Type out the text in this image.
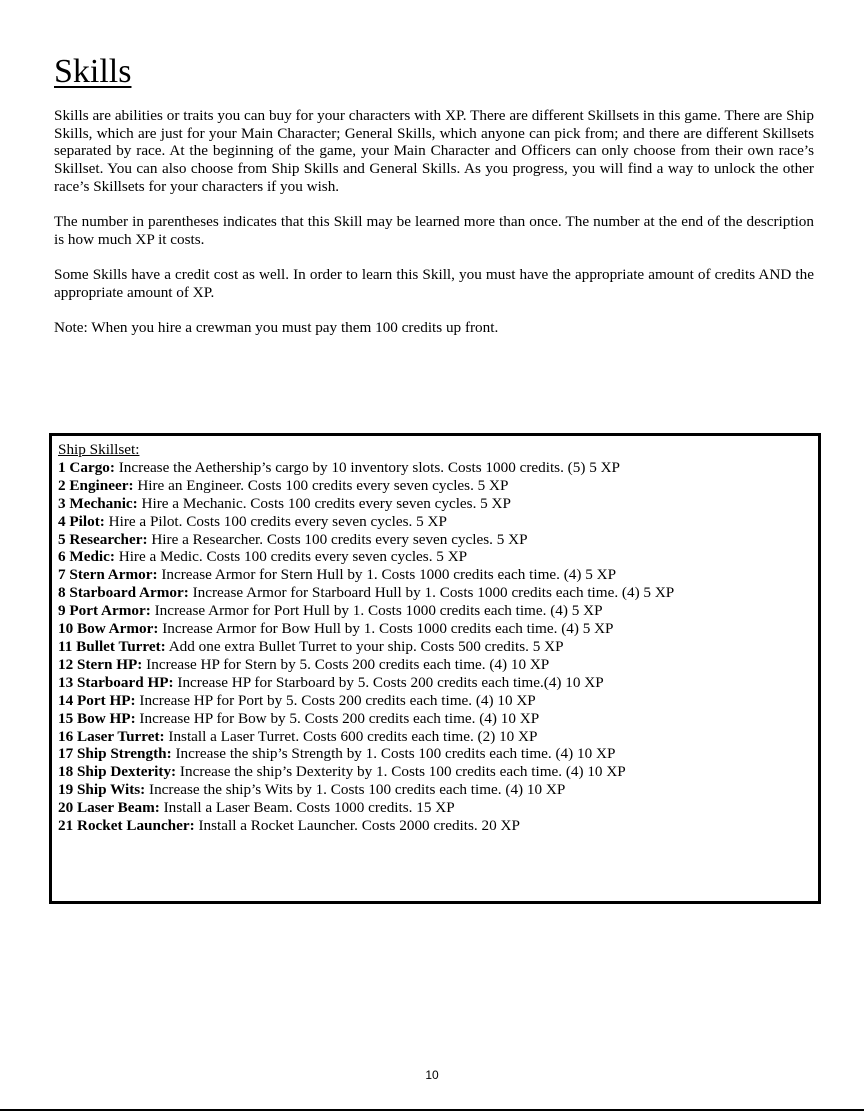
Skills

Skills are abilities or traits you can buy for your characters with XP. There are different Skillsets in this game. There are Ship Skills, which are just for your Main Character; General Skills, which anyone can pick from; and there are different Skillsets separated by race. At the beginning of the game, your Main Character and Officers can only choose from their own race’s Skillset. You can also choose from Ship Skills and General Skills. As you progress, you will find a way to unlock the other race’s Skillsets for your characters if you wish.

The number in parentheses indicates that this Skill may be learned more than once. The number at the end of the description is how much XP it costs.

Some Skills have a credit cost as well. In order to learn this Skill, you must have the appropriate amount of credits AND the appropriate amount of XP.

Note: When you hire a crewman you must pay them 100 credits up front.

Ship Skillset:
1 Cargo: Increase the Aethership’s cargo by 10 inventory slots. Costs 1000 credits. (5) 5 XP
2 Engineer: Hire an Engineer. Costs 100 credits every seven cycles. 5 XP
3 Mechanic: Hire a Mechanic. Costs 100 credits every seven cycles. 5 XP
4 Pilot: Hire a Pilot. Costs 100 credits every seven cycles. 5 XP
5 Researcher: Hire a Researcher. Costs 100 credits every seven cycles. 5 XP
6 Medic: Hire a Medic. Costs 100 credits every seven cycles. 5 XP
7 Stern Armor: Increase Armor for Stern Hull by 1. Costs 1000 credits each time. (4) 5 XP
8 Starboard Armor: Increase Armor for Starboard Hull by 1. Costs 1000 credits each time. (4) 5 XP
9 Port Armor: Increase Armor for Port Hull by 1. Costs 1000 credits each time. (4) 5 XP
10 Bow Armor: Increase Armor for Bow Hull by 1. Costs 1000 credits each time. (4) 5 XP
11 Bullet Turret: Add one extra Bullet Turret to your ship. Costs 500 credits. 5 XP
12 Stern HP: Increase HP for Stern by 5. Costs 200 credits each time. (4) 10 XP
13 Starboard HP: Increase HP for Starboard by 5. Costs 200 credits each time.(4) 10 XP
14 Port HP: Increase HP for Port by 5. Costs 200 credits each time. (4) 10 XP
15 Bow HP: Increase HP for Bow by 5. Costs 200 credits each time. (4) 10 XP
16 Laser Turret: Install a Laser Turret. Costs 600 credits each time. (2) 10 XP
17 Ship Strength: Increase the ship’s Strength by 1. Costs 100 credits each time. (4) 10 XP
18 Ship Dexterity: Increase the ship’s Dexterity by 1. Costs 100 credits each time. (4) 10 XP
19 Ship Wits: Increase the ship’s Wits by 1. Costs 100 credits each time. (4) 10 XP
20 Laser Beam: Install a Laser Beam. Costs 1000 credits. 15 XP
21 Rocket Launcher: Install a Rocket Launcher. Costs 2000 credits. 20 XP
10
